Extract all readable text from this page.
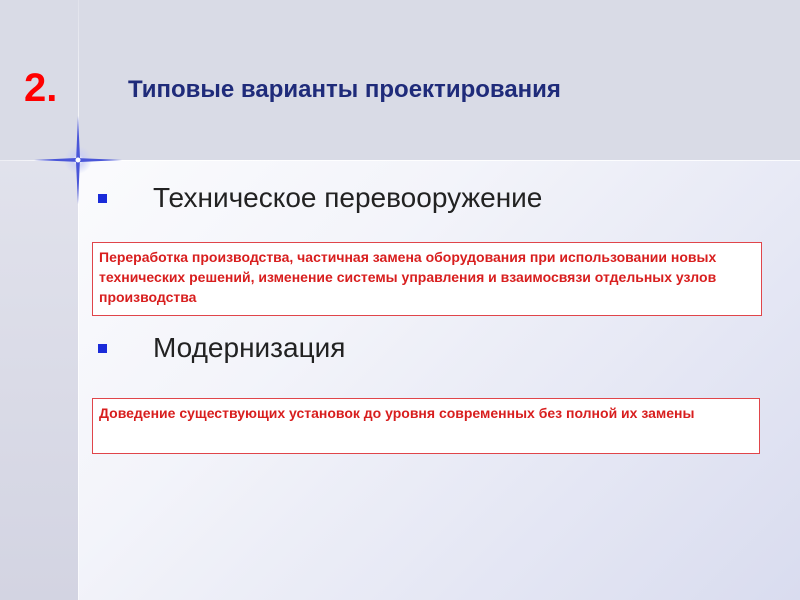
2.	Типовые варианты проектирования
Техническое перевооружение
Переработка производства, частичная замена оборудования при использовании новых технических решений, изменение системы управления и взаимосвязи отдельных узлов производства
Модернизация
Доведение существующих установок до уровня современных без полной их замены
